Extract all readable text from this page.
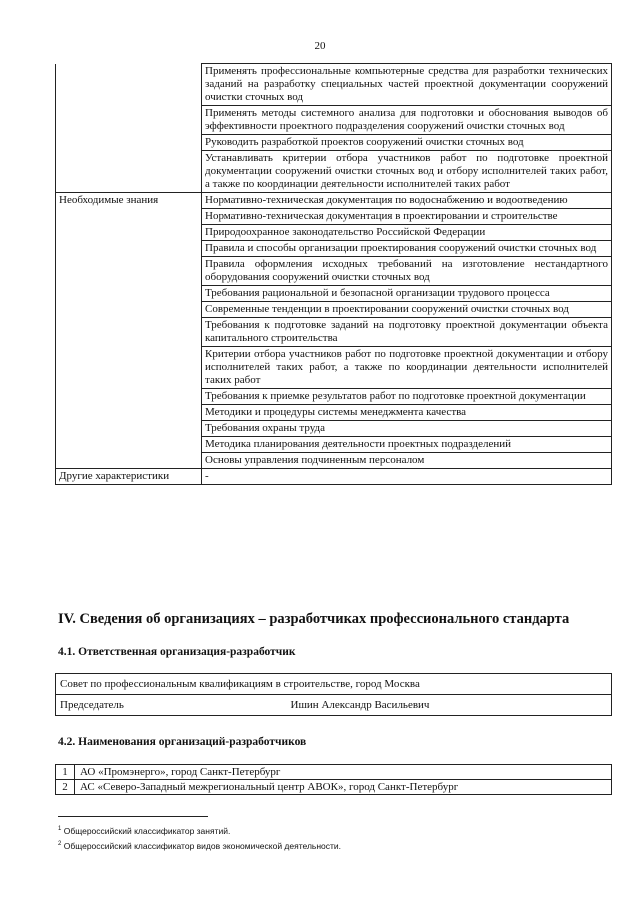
20
	Применять профессиональные компьютерные средства для разработки технических заданий на разработку специальных частей проектной документации сооружений очистки сточных вод
	Применять методы системного анализа для подготовки и обоснования выводов об эффективности проектного подразделения сооружений очистки сточных вод
	Руководить разработкой проектов сооружений очистки сточных вод
	Устанавливать критерии отбора участников работ по подготовке проектной документации сооружений очистки сточных вод и отбору исполнителей таких работ, а также по координации деятельности исполнителей таких работ
Необходимые знания	Нормативно-техническая документация по водоснабжению и водоотведению
	Нормативно-техническая документация в проектировании и строительстве
	Природоохранное законодательство Российской Федерации
	Правила и способы организации проектирования сооружений очистки сточных вод
	Правила оформления исходных требований на изготовление нестандартного оборудования сооружений очистки сточных вод
	Требования рациональной и безопасной организации трудового процесса
	Современные тенденции в проектировании сооружений очистки сточных вод
	Требования к подготовке заданий на подготовку проектной документации объекта капитального строительства
	Критерии отбора участников работ по подготовке проектной документации и отбору исполнителей таких работ, а также по координации деятельности исполнителей таких работ
	Требования к приемке результатов работ по подготовке проектной документации
	Методики и процедуры системы менеджмента качества
	Требования охраны труда
	Методика планирования деятельности проектных подразделений
	Основы управления подчиненным персоналом
Другие характеристики	-
IV. Сведения об организациях – разработчиках профессионального стандарта
4.1. Ответственная организация-разработчик
Совет по профессиональным квалификациям в строительстве, город Москва
Председатель	Ишин Александр Васильевич
4.2. Наименования организаций-разработчиков
1	АО «Промэнерго», город Санкт-Петербург
2	АС «Северо-Западный межрегиональный центр АВОК», город Санкт-Петербург
$^1$ Общероссийский классификатор занятий.
$^2$ Общероссийский классификатор видов экономической деятельности.
